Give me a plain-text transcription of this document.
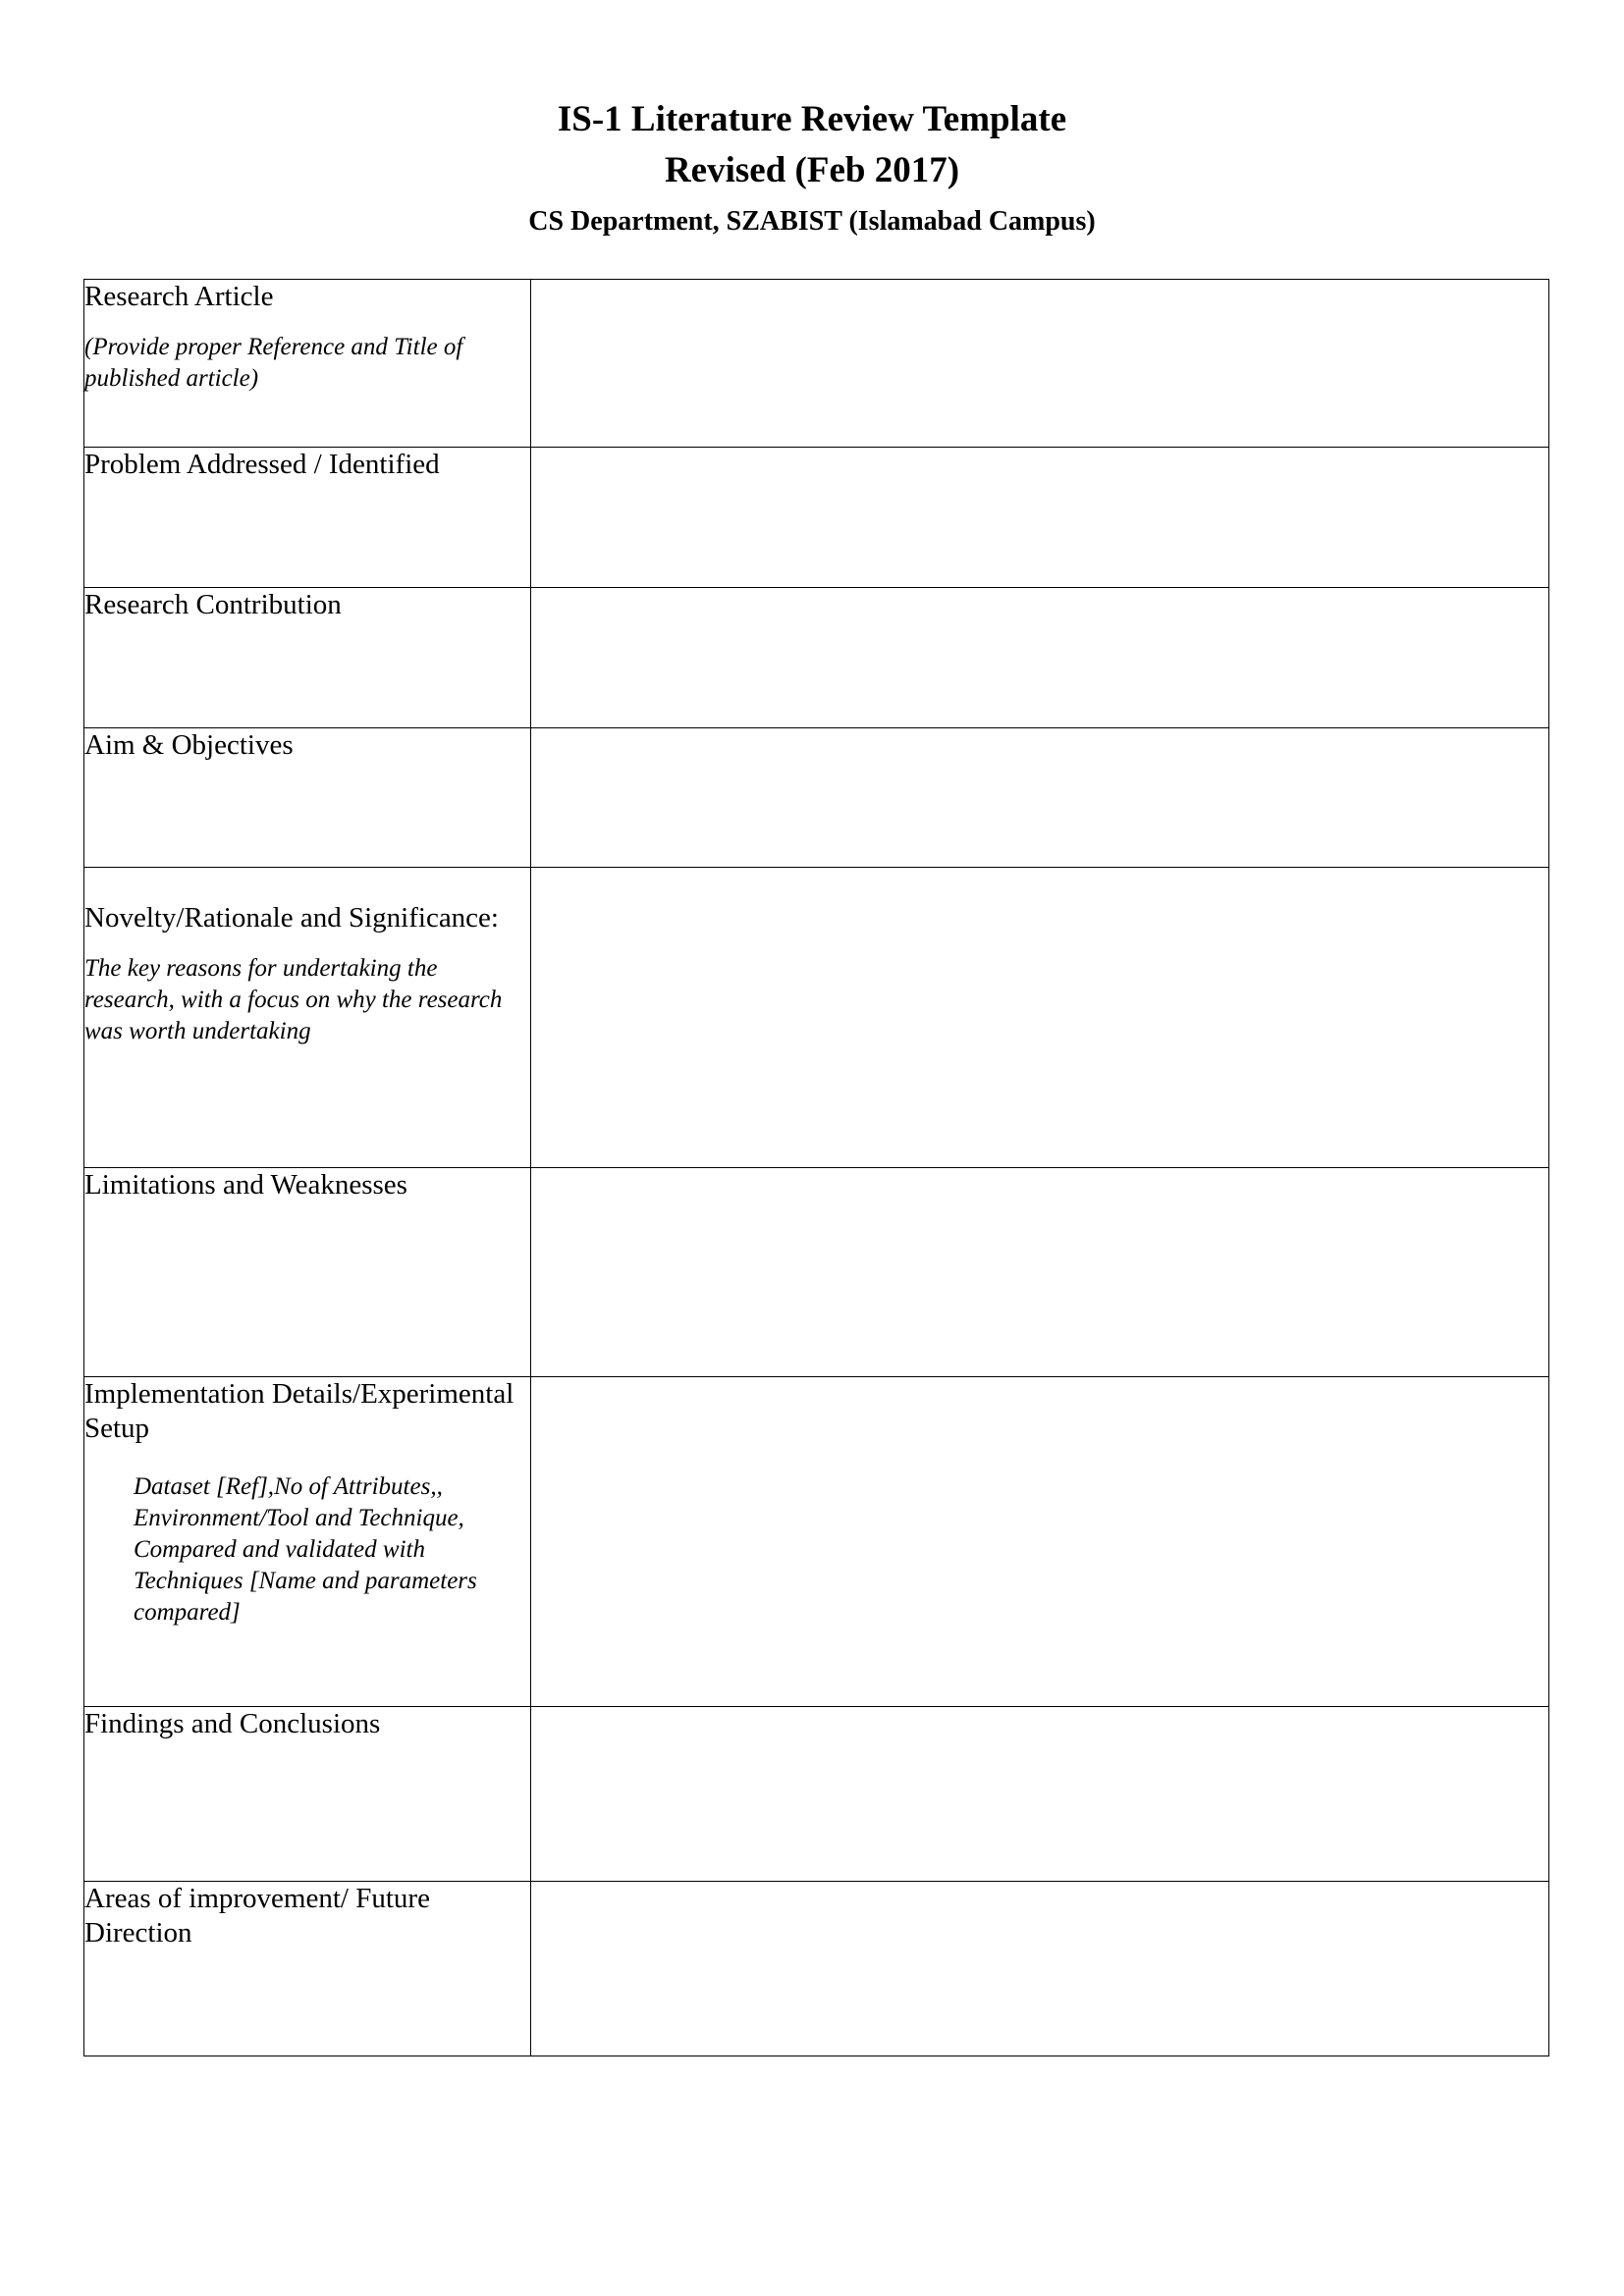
IS-1 Literature Review Template
Revised (Feb 2017)
CS Department, SZABIST (Islamabad Campus)
Research Article
(Provide proper Reference and Title of published article)	

Problem Addressed / Identified	

Research Contribution	

Aim & Objectives	

Novelty/Rationale and Significance:
The key reasons for undertaking the research, with a focus on why the research was worth undertaking	

Limitations and Weaknesses	

Implementation Details/Experimental Setup
Dataset [Ref],No of Attributes,, Environment/Tool and Technique, Compared and validated with Techniques [Name and parameters compared]	

Findings and Conclusions	

Areas of improvement/ Future Direction	
